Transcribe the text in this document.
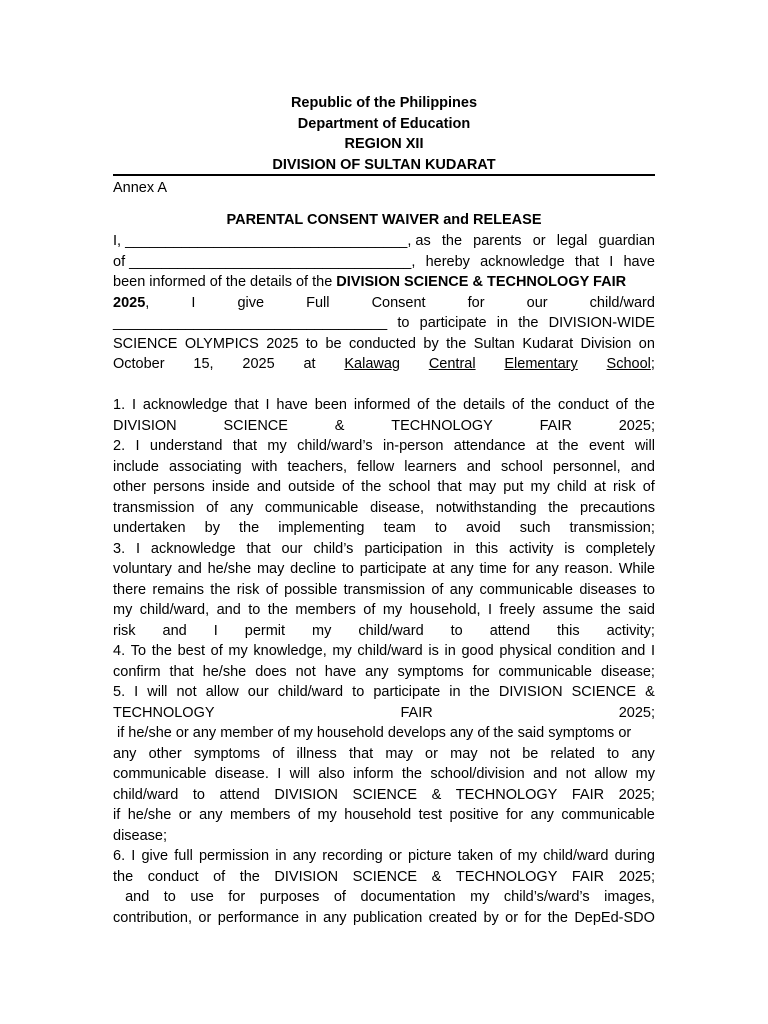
Republic of the Philippines
Department of Education
REGION XII
DIVISION OF SULTAN KUDARAT
Annex A
PARENTAL CONSENT WAIVER and RELEASE
I, ___________________________________, as the parents or legal guardian
of ___________________________________, hereby acknowledge that I have
been informed of the details of the DIVISION SCIENCE & TECHNOLOGY FAIR
2025,	I	give	Full	Consent	for	our	child/ward
__________________________________ to participate in the DIVISION-WIDE
SCIENCE OLYMPICS 2025 to be conducted by the Sultan Kudarat Division on
October 15, 2025 at Kalawag Central Elementary School;
1. I acknowledge that I have been informed of the details of the conduct of the
DIVISION	SCIENCE	&	TECHNOLOGY	FAIR	2025;
2. I understand that my child/ward’s in-person attendance at the event will
include associating with teachers, fellow learners and school personnel, and
other persons inside and outside of the school that may put my child at risk of
transmission of any communicable disease, notwithstanding the precautions
undertaken by the implementing team to avoid such transmission;
3. I acknowledge that our child’s participation in this activity is completely
voluntary and he/she may decline to participate at any time for any reason. While
there remains the risk of possible transmission of any communicable diseases to
my child/ward, and to the members of my household, I freely assume the said
risk and I permit my child/ward to attend this activity;
4. To the best of my knowledge, my child/ward is in good physical condition and I
confirm that he/she does not have any symptoms for communicable disease;
5. I will not allow our child/ward to participate in the DIVISION SCIENCE &
TECHNOLOGY	FAIR	2025;
if he/she or any member of my household develops any of the said symptoms or
any other symptoms of illness that may or may not be related to any
communicable disease. I will also inform the school/division and not allow my
child/ward to attend DIVISION SCIENCE & TECHNOLOGY FAIR 2025;
if he/she or any members of my household test positive for any communicable
disease;
6. I give full permission in any recording or picture taken of my child/ward during
the conduct of the DIVISION SCIENCE & TECHNOLOGY FAIR 2025;
and to use for purposes of documentation my child’s/ward’s images,
contribution, or performance in any publication created by or for the DepEd-SDO
